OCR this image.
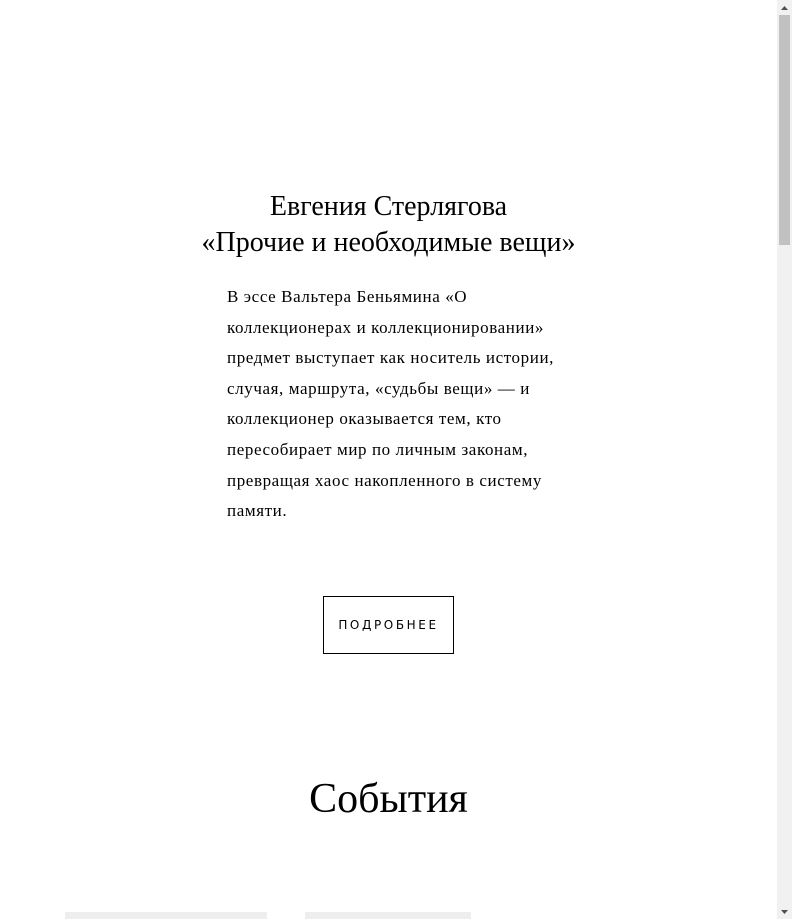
Евгения Стерлягова
«Прочие и необходимые вещи»

В эссе Вальтера Беньямина «О коллекционерах и коллекционировании» предмет выступает как носитель истории, случая, маршрута, «судьбы вещи» — и коллекционер оказывается тем, кто пересобирает мир по личным законам, превращая хаос накопленного в систему памяти.

ПОДРОБНЕЕ
События
